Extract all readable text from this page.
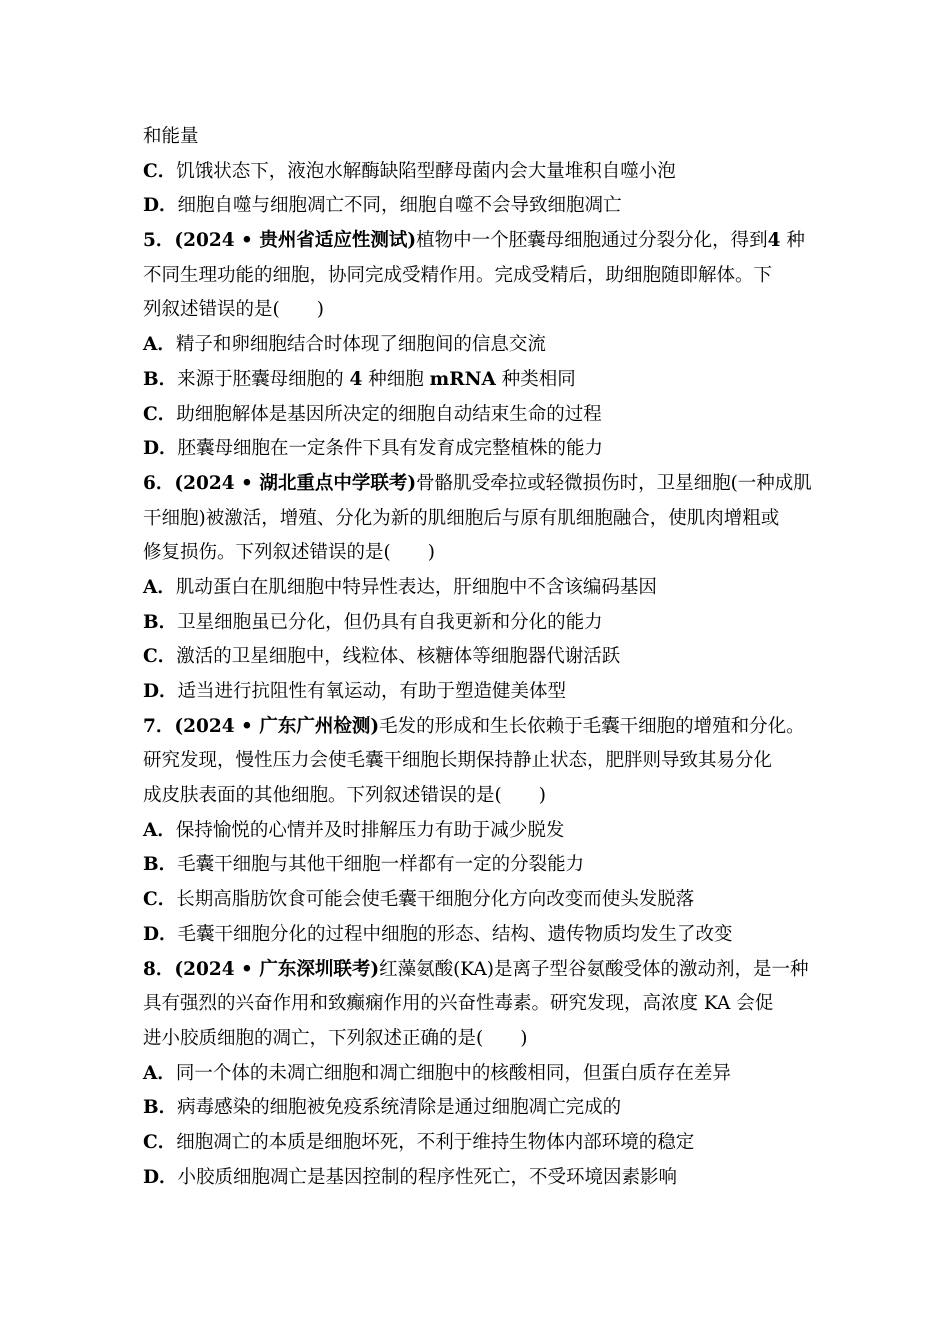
和能量
C．饥饿状态下，液泡水解酶缺陷型酵母菌内会大量堆积自噬小泡
D．细胞自噬与细胞凋亡不同，细胞自噬不会导致细胞凋亡
5．(2024 • 贵州省适应性测试)植物中一个胚囊母细胞通过分裂分化，得到4 种
不同生理功能的细胞，协同完成受精作用。完成受精后，助细胞随即解体。下
列叙述错误的是(　　)
A．精子和卵细胞结合时体现了细胞间的信息交流
B．来源于胚囊母细胞的 4 种细胞 mRNA 种类相同
C．助细胞解体是基因所决定的细胞自动结束生命的过程
D．胚囊母细胞在一定条件下具有发育成完整植株的能力
6．(2024 • 湖北重点中学联考)骨骼肌受牵拉或轻微损伤时，卫星细胞(一种成肌
干细胞)被激活，增殖、分化为新的肌细胞后与原有肌细胞融合，使肌肉增粗或
修复损伤。下列叙述错误的是(　　)
A．肌动蛋白在肌细胞中特异性表达，肝细胞中不含该编码基因
B．卫星细胞虽已分化，但仍具有自我更新和分化的能力
C．激活的卫星细胞中，线粒体、核糖体等细胞器代谢活跃
D．适当进行抗阻性有氧运动，有助于塑造健美体型
7．(2024 • 广东广州检测)毛发的形成和生长依赖于毛囊干细胞的增殖和分化。
研究发现，慢性压力会使毛囊干细胞长期保持静止状态，肥胖则导致其易分化
成皮肤表面的其他细胞。下列叙述错误的是(　　)
A．保持愉悦的心情并及时排解压力有助于减少脱发
B．毛囊干细胞与其他干细胞一样都有一定的分裂能力
C．长期高脂肪饮食可能会使毛囊干细胞分化方向改变而使头发脱落
D．毛囊干细胞分化的过程中细胞的形态、结构、遗传物质均发生了改变
8．(2024 • 广东深圳联考)红藻氨酸(KA)是离子型谷氨酸受体的激动剂，是一种
具有强烈的兴奋作用和致癫痫作用的兴奋性毒素。研究发现，高浓度 KA 会促
进小胶质细胞的凋亡，下列叙述正确的是(　　)
A．同一个体的未凋亡细胞和凋亡细胞中的核酸相同，但蛋白质存在差异
B．病毒感染的细胞被免疫系统清除是通过细胞凋亡完成的
C．细胞凋亡的本质是细胞坏死，不利于维持生物体内部环境的稳定
D．小胶质细胞凋亡是基因控制的程序性死亡，不受环境因素影响
